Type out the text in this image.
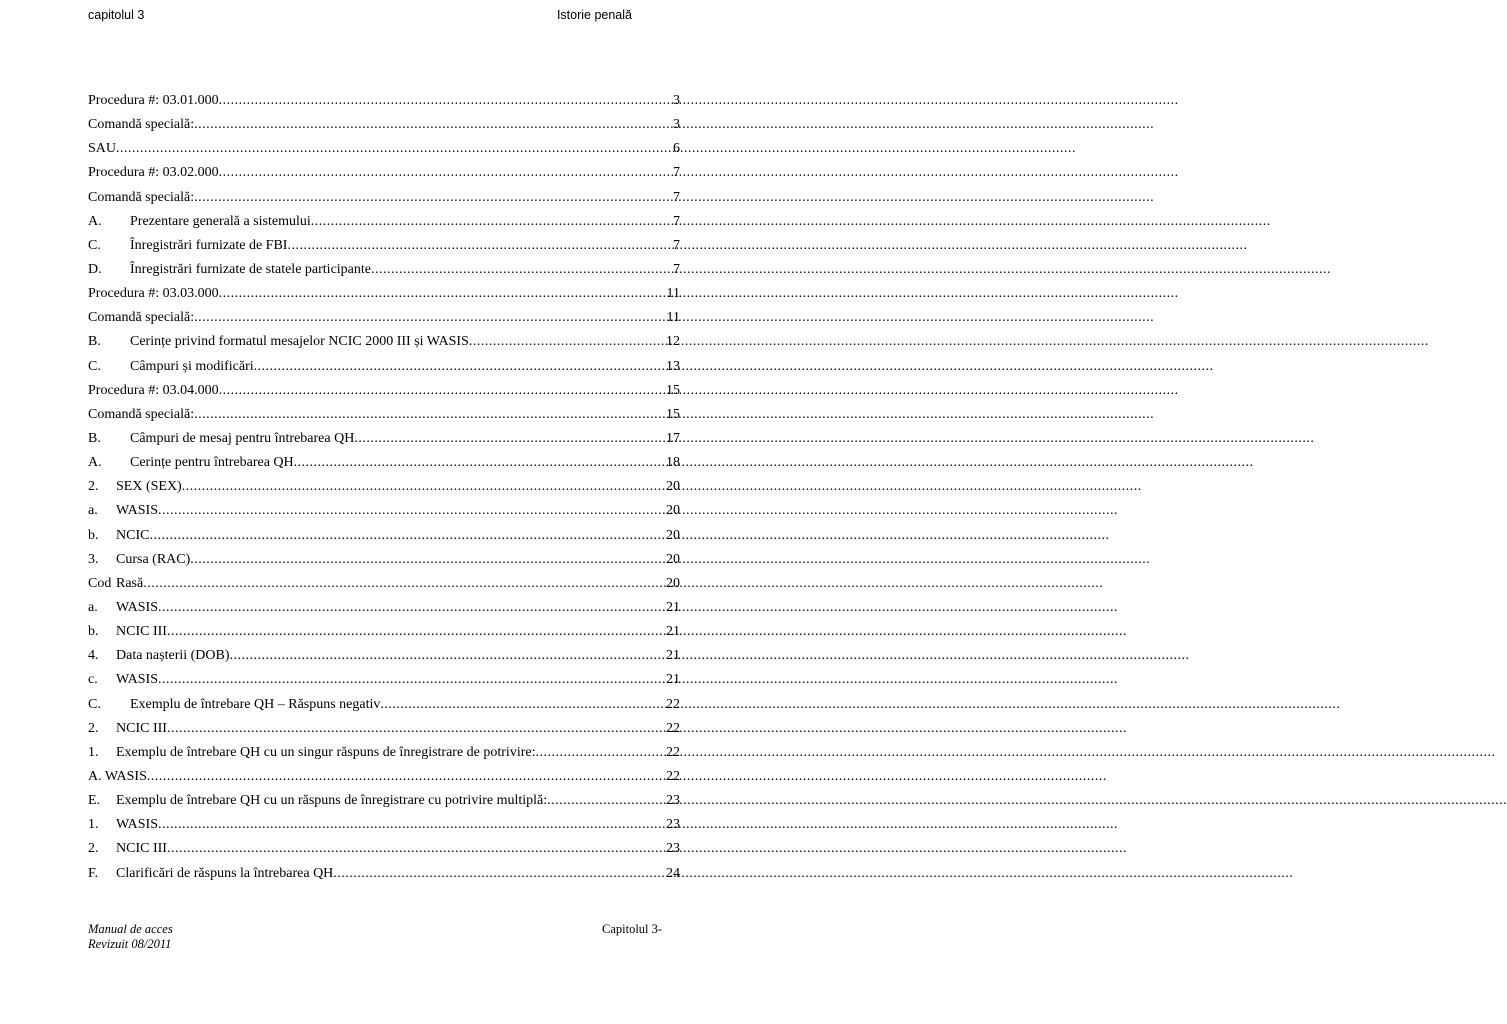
capitolul 3	Istorie penală
Procedura #: 03.01.000 .....	3
Comandă specială: .....	3
SAU .....	6
Procedura #: 03.02.000 .....	7
Comandă specială: .....	7
A.	Prezentare generală a sistemului .....	7
C.	Înregistrări furnizate de FBI .....	7
D.	Înregistrări furnizate de statele participante .....	7
Procedura #: 03.03.000 .....	11
Comandă specială: .....	11
B.	Cerințe privind formatul mesajelor NCIC 2000 III și WASIS .....	12
C.	Câmpuri și modificări .....	13
Procedura #: 03.04.000 .....	15
Comandă specială: .....	15
B.	Câmpuri de mesaj pentru întrebarea QH .....	17
A.	Cerințe pentru întrebarea QH .....	18
2.	SEX (SEX) .....	20
a.	WASIS .....	20
b.	NCIC .....	20
3.	Cursa (RAC) .....	20
Cod Rasă .....	20
a.	WASIS .....	21
b.	NCIC III .....	21
4.	Data nașterii (DOB) .....	21
c.	WASIS .....	21
C.	Exemplu de întrebare QH – Răspuns negativ .....	22
2.	NCIC III .....	22
1.	Exemplu de întrebare QH cu un singur răspuns de înregistrare de potrivire: .....	22
A. WASIS .....	22
E.	Exemplu de întrebare QH cu un răspuns de înregistrare cu potrivire multiplă: .....	23
1.	WASIS .....	23
2.	NCIC III .....	23
F.	Clarificări de răspuns la întrebarea QH .....	24
Manual de acces
Revizuit 08/2011
Capitolul 3-
